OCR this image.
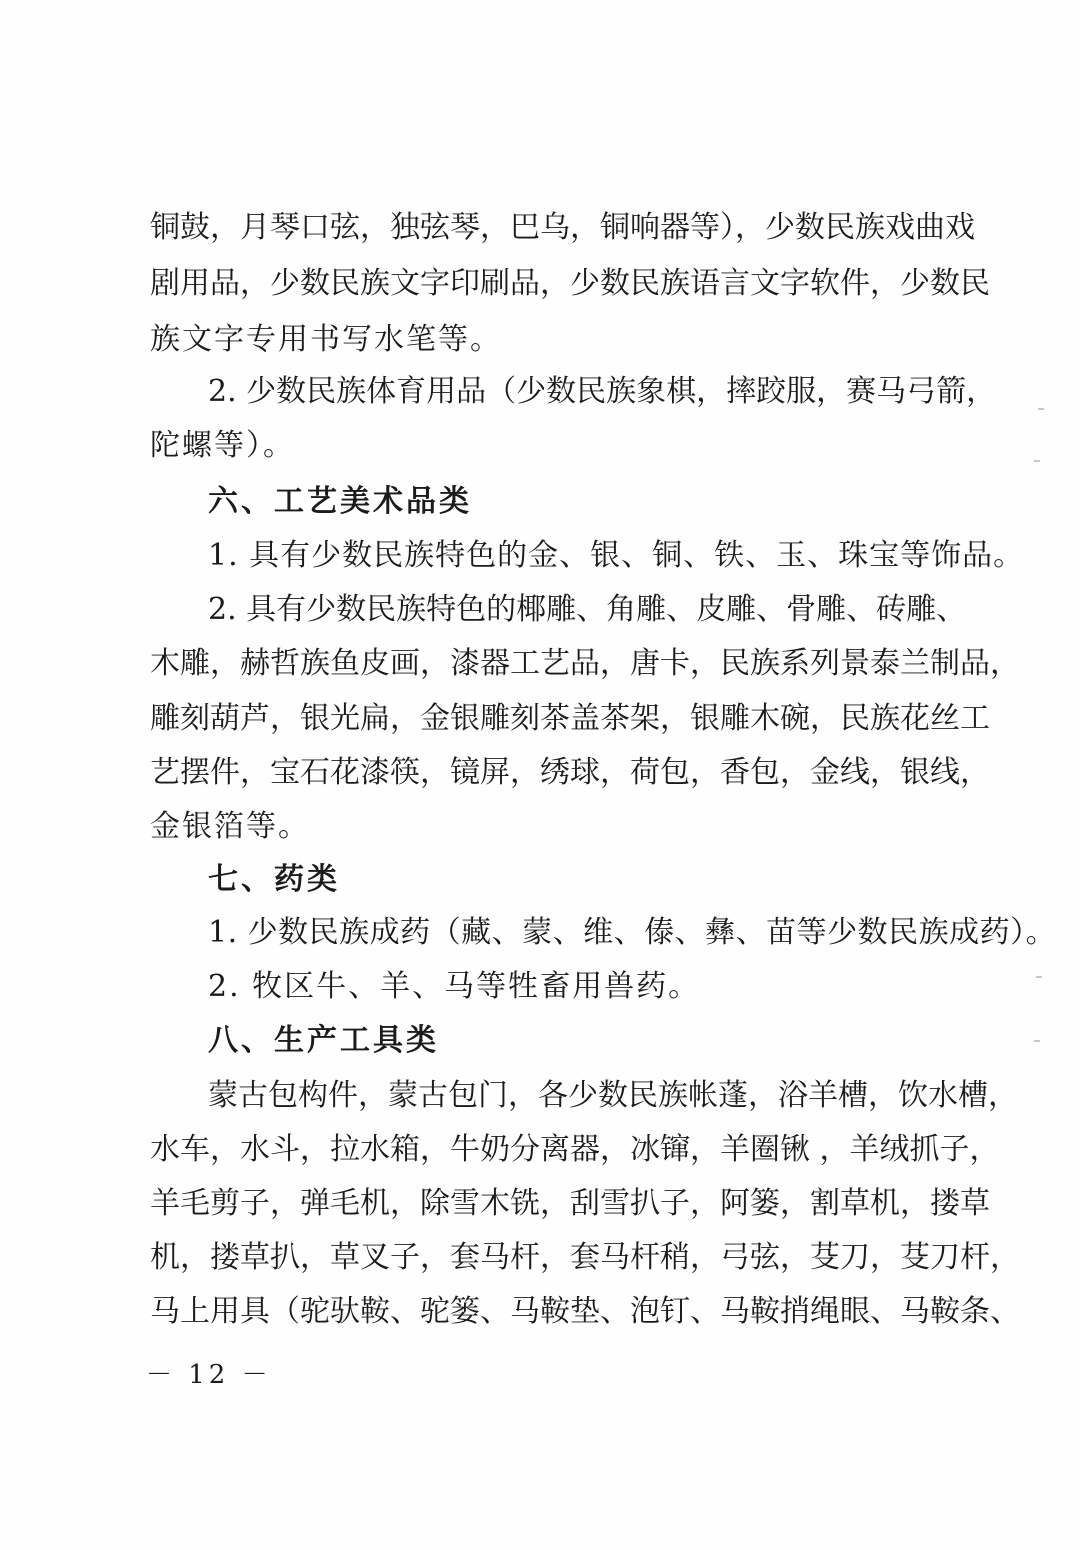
铜鼓，月琴口弦，独弦琴，巴乌，铜响器等），少数民族戏曲戏
剧用品，少数民族文字印刷品，少数民族语言文字软件，少数民
族文字专用书写水笔等。
2. 少数民族体育用品（少数民族象棋，摔跤服，赛马弓箭，
陀螺等）。
六、工艺美术品类
1. 具有少数民族特色的金、银、铜、铁、玉、珠宝等饰品。
2. 具有少数民族特色的椰雕、角雕、皮雕、骨雕、砖雕、
木雕，赫哲族鱼皮画，漆器工艺品，唐卡，民族系列景泰兰制品，
雕刻葫芦，银光扁，金银雕刻茶盖茶架，银雕木碗，民族花丝工
艺摆件，宝石花漆筷，镜屏，绣球，荷包，香包，金线，银线，
金银箔等。
七、药类
1. 少数民族成药（藏、蒙、维、傣、彝、苗等少数民族成药）。
2. 牧区牛、羊、马等牲畜用兽药。
八、生产工具类
蒙古包构件，蒙古包门，各少数民族帐蓬，浴羊槽，饮水槽，
水车，水斗，拉水箱，牛奶分离器，冰镩，羊圈锹 ，羊绒抓子，
羊毛剪子，弹毛机，除雪木铣，刮雪扒子，阿篓，割草机，搂草
机，搂草扒，草叉子，套马杆，套马杆稍，弓弦，芟刀，芟刀杆，
马上用具（驼驮鞍、驼篓、马鞍垫、泡钉、马鞍捎绳眼、马鞍条、
－ 12 －
